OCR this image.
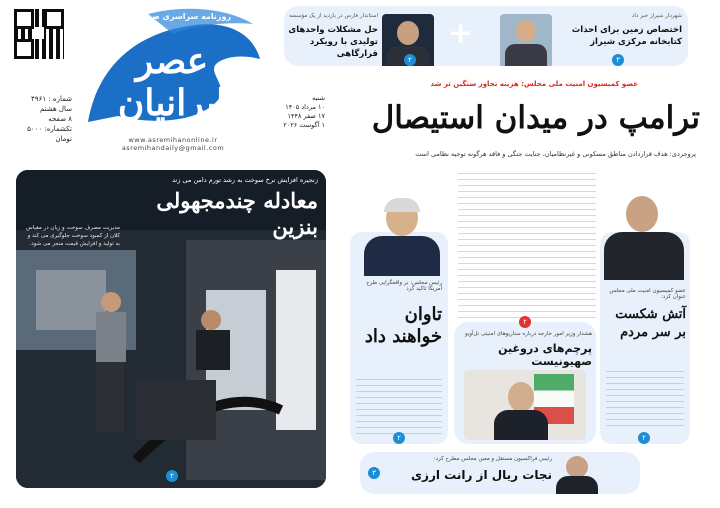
شماره : ۴۹۶۱
سال هشتم
۸ صفحه
تکشماره: ۵۰۰۰ تومان
عصر ایرانیان
روزنامه سراسری صبح ایران
شنبه
۱۰ مرداد ۱۴۰۵
۱۷ صفر ۱۴۴۸
۱ آگوست ۲۰۲۶
www.asremihanonline.ir
asremihandaily@gmail.com
+
استاندار فارس در بازدید از یک مؤسسه
حل مشکلات واحدهای تولیدی با رویکرد قرارگاهی
شهردار شیراز خبر داد
اختصاص زمین برای احداث کتابخانه مرکزی شیراز
۲	۳
عضو کمیسیون امنیت ملی مجلس: هزینه تجاوز سنگین تر شد
ترامپ در میدان استیصال
پروجردی: هدف قراردادن مناطق مسکونی و غیرنظامیان، جنایت جنگی و فاقد هرگونه توجیه نظامی است
زنجیره افزایش نرخ سوخت به رشد تورم دامن می زند
معادله چندمجهولی بنزین
مدیریت مصرف سوخت و زیان در مقیاس کلان از کمبود سوخت جلوگیری می کند و به تولید و افزایش قیمت منجر می شود.
۲
رئیس مجلس: بر واقعگرایی طرح آمریکا تاکید کرد
تاوان خواهند داد
۲
عضو کمیسیون امنیت ملی مجلس عنوان کرد:
آتش شکست بر سر مردم
۲
۲
هشدار وزیر امور خارجه درباره سناریوهای امنیتی تل‌آویو
پرچم‌های دروغین صهیونیست
رئیس فراکسیون مستقل و معین مجلس مطرح کرد:
نجات ریال از رانت ارزی
۳
